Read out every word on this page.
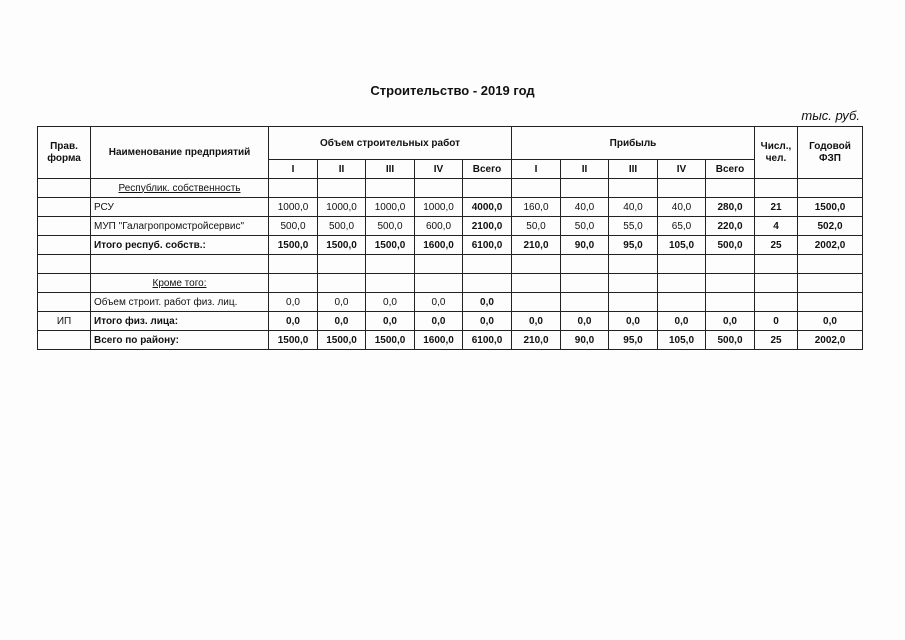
Строительство - 2019 год
тыс. руб.
Прав. форма	Наименование предприятий	Объем строительных работ					Прибыль					Числ., чел.	Годовой ФЗП
		I	II	III	IV	Всего	I	II	III	IV	Всего		
	Республик. собственность												
	РСУ	1000,0	1000,0	1000,0	1000,0	4000,0	160,0	40,0	40,0	40,0	280,0	21	1500,0
	МУП "Галагропромстройсервис"	500,0	500,0	500,0	600,0	2100,0	50,0	50,0	55,0	65,0	220,0	4	502,0
	Итого респуб. собств.:	1500,0	1500,0	1500,0	1600,0	6100,0	210,0	90,0	95,0	105,0	500,0	25	2002,0

	Кроме того:												
	Объем строит. работ физ. лиц.	0,0	0,0	0,0	0,0	0,0							
ИП	Итого физ. лица:	0,0	0,0	0,0	0,0	0,0	0,0	0,0	0,0	0,0	0,0	0	0,0
	Всего по району:	1500,0	1500,0	1500,0	1600,0	6100,0	210,0	90,0	95,0	105,0	500,0	25	2002,0
